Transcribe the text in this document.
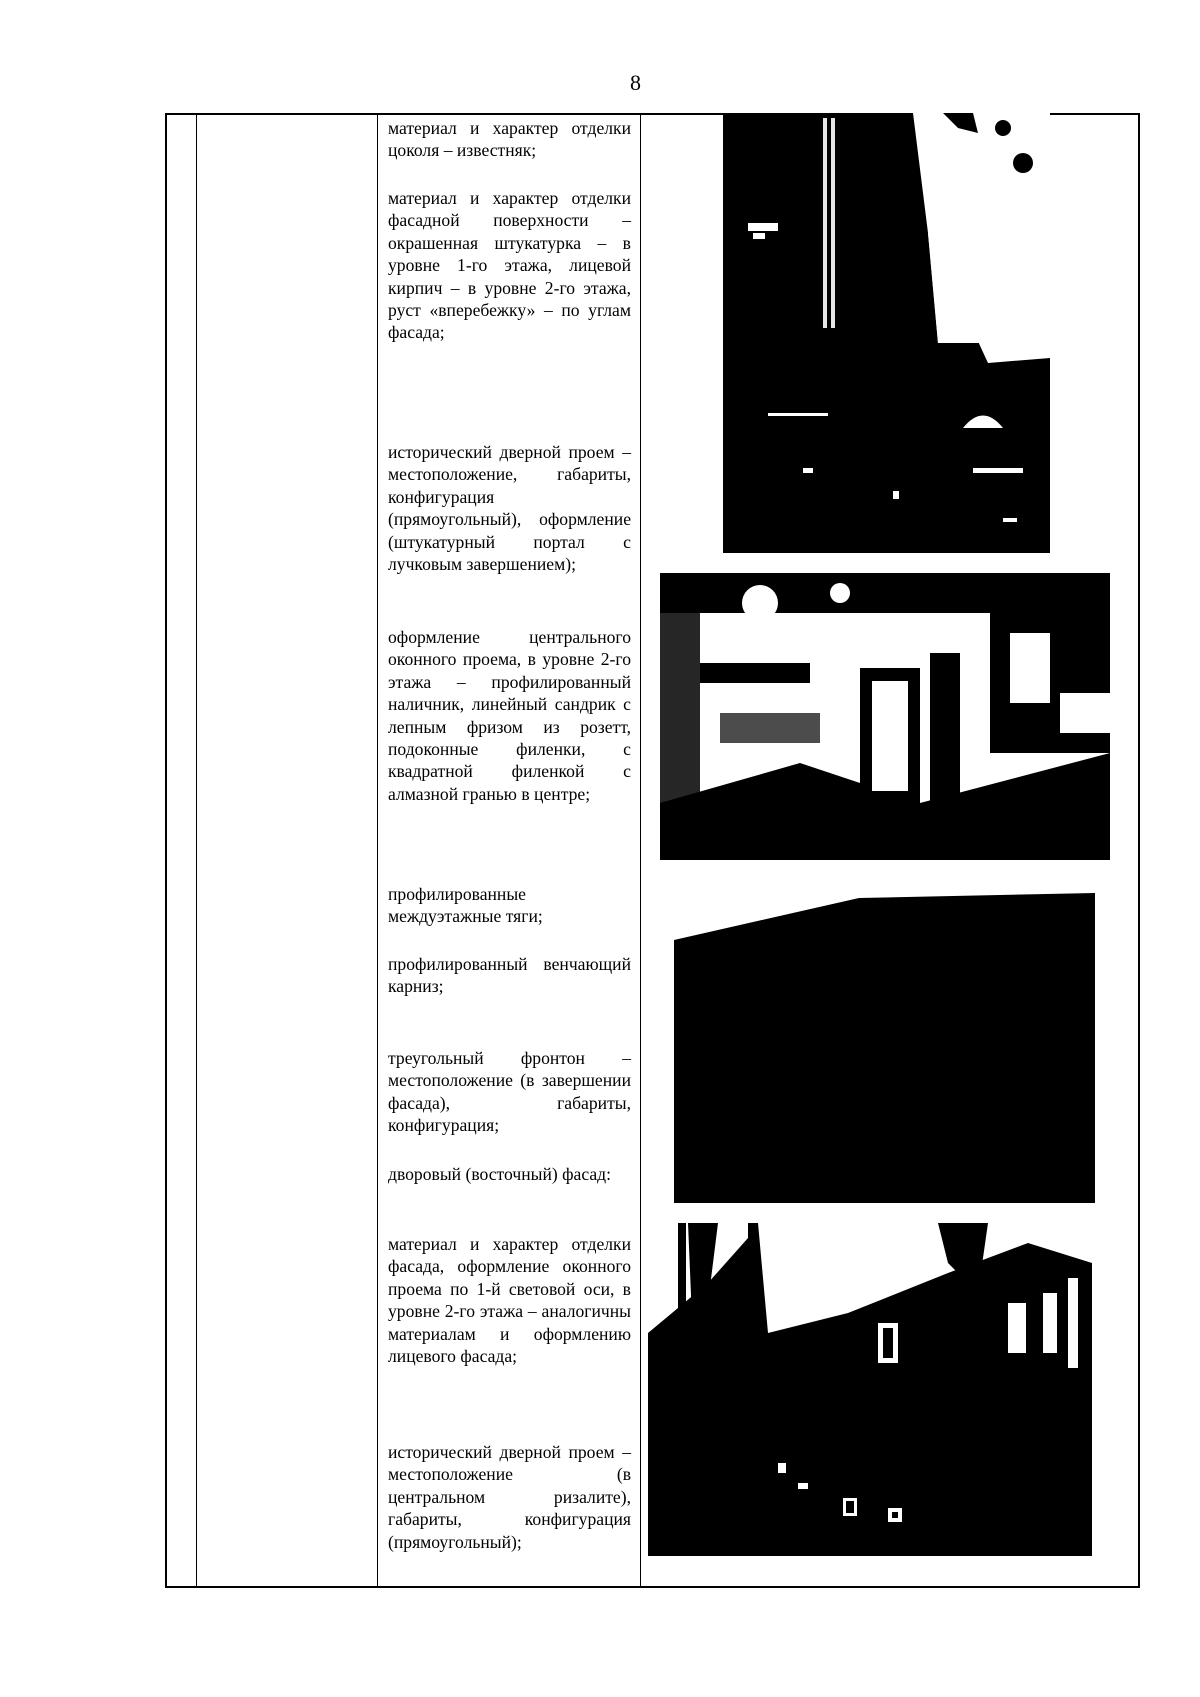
8
материал и характер отделки цоколя – известняк;
материал и характер отделки фасадной поверхности – окрашенная штукатурка – в уровне 1-го этажа, лицевой кирпич – в уровне 2-го этажа, руст «вперебежку» – по углам фасада;
исторический дверной проем – местоположение, габариты, конфигурация (прямоугольный), оформление (штукатурный портал с лучковым завершением);
оформление центрального оконного проема, в уровне 2-го этажа – профилированный наличник, линейный сандрик с лепным фризом из розетт, подоконные филенки, с квадратной филенкой с алмазной гранью в центре;
профилированные междуэтажные тяги;
профилированный венчающий карниз;
треугольный фронтон – местоположение (в завершении фасада), габариты, конфигурация;
дворовый (восточный) фасад:
материал и характер отделки фасада, оформление оконного проема по 1-й световой оси, в уровне 2-го этажа – аналогичны материалам и оформлению лицевого фасада;
исторический дверной проем – местоположение (в центральном ризалите), габариты, конфигурация (прямоугольный);
